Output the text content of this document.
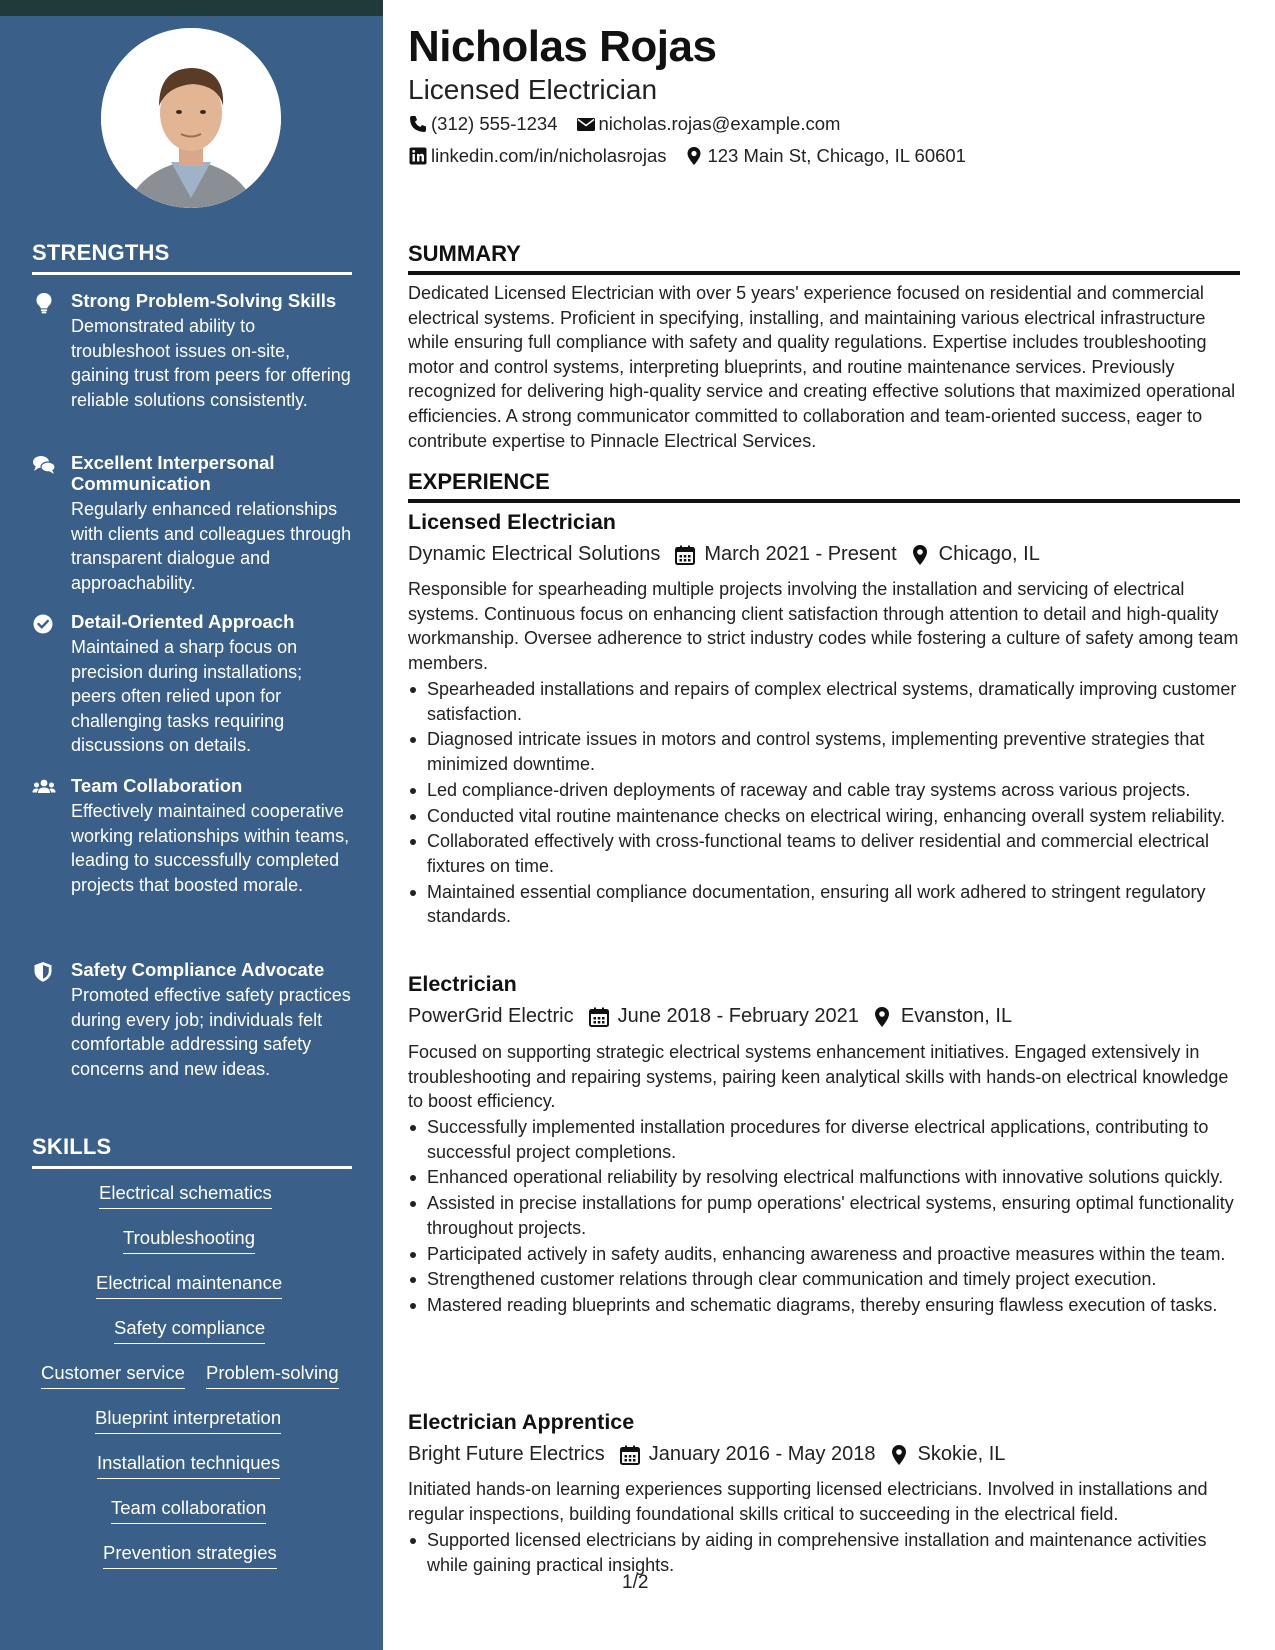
STRENGTHS
Strong Problem-Solving Skills
Demonstrated ability to troubleshoot issues on-site, gaining trust from peers for offering reliable solutions consistently.
Excellent Interpersonal Communication
Regularly enhanced relationships with clients and colleagues through transparent dialogue and approachability.
Detail-Oriented Approach
Maintained a sharp focus on precision during installations; peers often relied upon for challenging tasks requiring discussions on details.
Team Collaboration
Effectively maintained cooperative working relationships within teams, leading to successfully completed projects that boosted morale.
Safety Compliance Advocate
Promoted effective safety practices during every job; individuals felt comfortable addressing safety concerns and new ideas.
SKILLS
Electrical schematics
Troubleshooting
Electrical maintenance
Safety compliance
Customer service Problem-solving
Blueprint interpretation
Installation techniques
Team collaboration
Prevention strategies
Nicholas Rojas
Licensed Electrician
(312) 555-1234 nicholas.rojas@example.com
linkedin.com/in/nicholasrojas 123 Main St, Chicago, IL 60601
SUMMARY
Dedicated Licensed Electrician with over 5 years' experience focused on residential and commercial electrical systems. Proficient in specifying, installing, and maintaining various electrical infrastructure while ensuring full compliance with safety and quality regulations. Expertise includes troubleshooting motor and control systems, interpreting blueprints, and routine maintenance services. Previously recognized for delivering high-quality service and creating effective solutions that maximized operational efficiencies. A strong communicator committed to collaboration and team-oriented success, eager to contribute expertise to Pinnacle Electrical Services.
EXPERIENCE
Licensed Electrician
Dynamic Electrical Solutions March 2021 - Present Chicago, IL
Responsible for spearheading multiple projects involving the installation and servicing of electrical systems. Continuous focus on enhancing client satisfaction through attention to detail and high-quality workmanship. Oversee adherence to strict industry codes while fostering a culture of safety among team members.
Spearheaded installations and repairs of complex electrical systems, dramatically improving customer satisfaction.
Diagnosed intricate issues in motors and control systems, implementing preventive strategies that minimized downtime.
Led compliance-driven deployments of raceway and cable tray systems across various projects.
Conducted vital routine maintenance checks on electrical wiring, enhancing overall system reliability.
Collaborated effectively with cross-functional teams to deliver residential and commercial electrical fixtures on time.
Maintained essential compliance documentation, ensuring all work adhered to stringent regulatory standards.
Electrician
PowerGrid Electric June 2018 - February 2021 Evanston, IL
Focused on supporting strategic electrical systems enhancement initiatives. Engaged extensively in troubleshooting and repairing systems, pairing keen analytical skills with hands-on electrical knowledge to boost efficiency.
Successfully implemented installation procedures for diverse electrical applications, contributing to successful project completions.
Enhanced operational reliability by resolving electrical malfunctions with innovative solutions quickly.
Assisted in precise installations for pump operations' electrical systems, ensuring optimal functionality throughout projects.
Participated actively in safety audits, enhancing awareness and proactive measures within the team.
Strengthened customer relations through clear communication and timely project execution.
Mastered reading blueprints and schematic diagrams, thereby ensuring flawless execution of tasks.
Electrician Apprentice
Bright Future Electrics January 2016 - May 2018 Skokie, IL
Initiated hands-on learning experiences supporting licensed electricians. Involved in installations and regular inspections, building foundational skills critical to succeeding in the electrical field.
Supported licensed electricians by aiding in comprehensive installation and maintenance activities while gaining practical insights.
1/2
